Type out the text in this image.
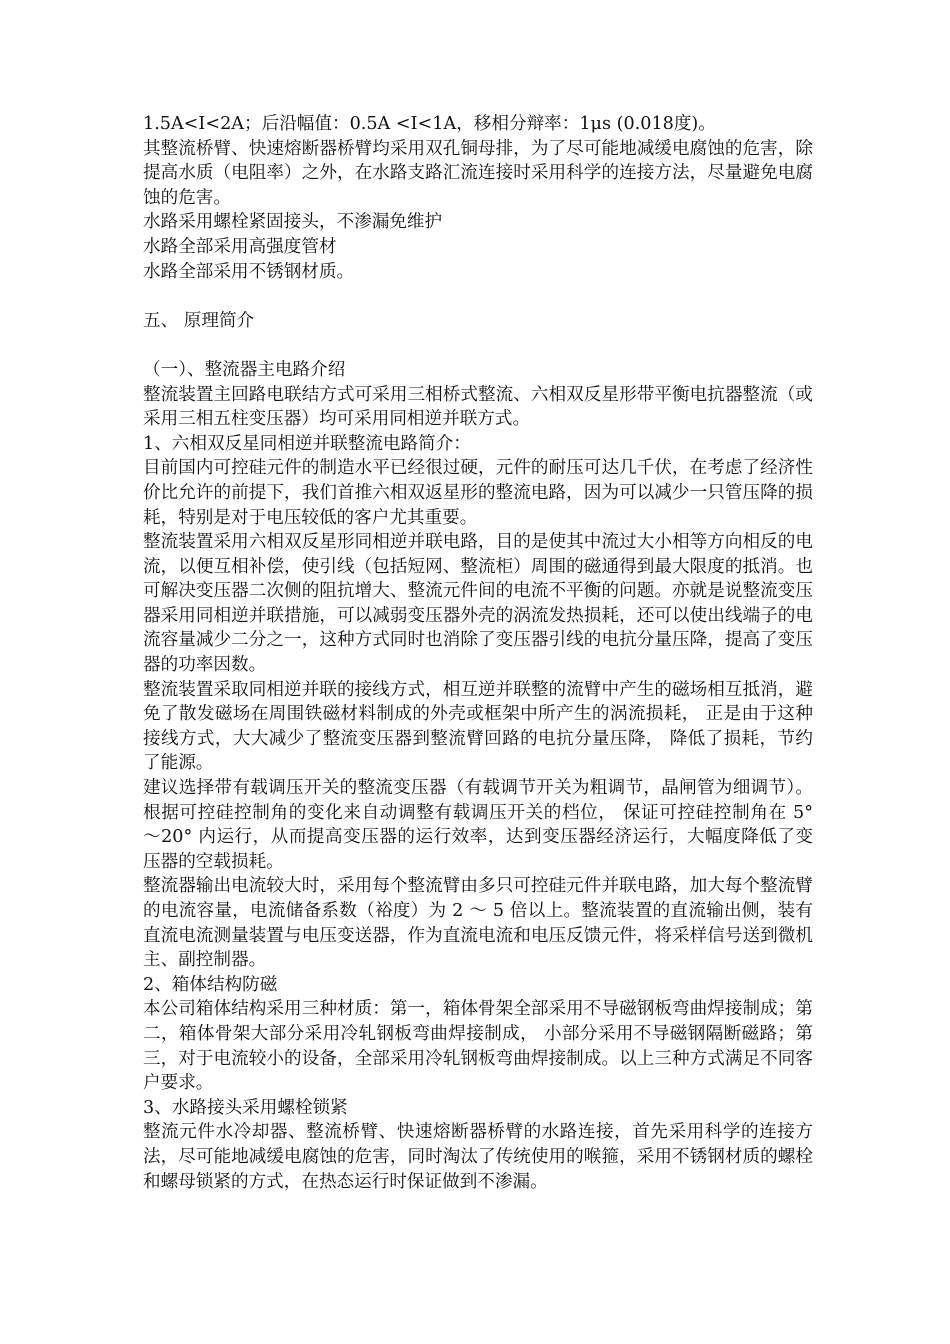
1.5A<I<2A；后沿幅值：0.5A <I<1A，移相分辩率：1μs (0.018度)。

其整流桥臂、快速熔断器桥臂均采用双孔铜母排，为了尽可能地减缓电腐蚀的危害，除提高水质（电阻率）之外，在水路支路汇流连接时采用科学的连接方法，尽量避免电腐蚀的危害。

水路采用螺栓紧固接头，不渗漏免维护

水路全部采用高强度管材

水路全部采用不锈钢材质。

五、 原理简介

（一）、整流器主电路介绍

整流装置主回路电联结方式可采用三相桥式整流、六相双反星形带平衡电抗器整流（或采用三相五柱变压器）均可采用同相逆并联方式。

1、六相双反星同相逆并联整流电路简介：

目前国内可控硅元件的制造水平已经很过硬，元件的耐压可达几千伏，在考虑了经济性价比允许的前提下，我们首推六相双返星形的整流电路，因为可以减少一只管压降的损耗，特别是对于电压较低的客户尤其重要。

整流装置采用六相双反星形同相逆并联电路，目的是使其中流过大小相等方向相反的电流，以便互相补偿，使引线（包括短网、整流柜）周围的磁通得到最大限度的抵消。也可解决变压器二次侧的阻抗增大、整流元件间的电流不平衡的问题。亦就是说整流变压器采用同相逆并联措施，可以减弱变压器外壳的涡流发热损耗，还可以使出线端子的电流容量减少二分之一，这种方式同时也消除了变压器引线的电抗分量压降，提高了变压器的功率因数。

整流装置采取同相逆并联的接线方式，相互逆并联整的流臂中产生的磁场相互抵消，避免了散发磁场在周围铁磁材料制成的外壳或框架中所产生的涡流损耗， 正是由于这种接线方式，大大减少了整流变压器到整流臂回路的电抗分量压降， 降低了损耗，节约了能源。

建议选择带有载调压开关的整流变压器（有载调节开关为粗调节，晶闸管为细调节）。根据可控硅控制角的变化来自动调整有载调压开关的档位， 保证可控硅控制角在 5° ～20° 内运行，从而提高变压器的运行效率，达到变压器经济运行，大幅度降低了变压器的空载损耗。

整流器输出电流较大时，采用每个整流臂由多只可控硅元件并联电路，加大每个整流臂的电流容量，电流储备系数（裕度）为 2 ～ 5 倍以上。整流装置的直流输出侧，装有直流电流测量装置与电压变送器，作为直流电流和电压反馈元件，将采样信号送到微机主、副控制器。

2、箱体结构防磁

本公司箱体结构采用三种材质：第一，箱体骨架全部采用不导磁钢板弯曲焊接制成；第二，箱体骨架大部分采用冷轧钢板弯曲焊接制成， 小部分采用不导磁钢隔断磁路；第三，对于电流较小的设备，全部采用冷轧钢板弯曲焊接制成。以上三种方式满足不同客户要求。

3、水路接头采用螺栓锁紧

整流元件水冷却器、整流桥臂、快速熔断器桥臂的水路连接，首先采用科学的连接方法，尽可能地减缓电腐蚀的危害，同时淘汰了传统使用的喉箍，采用不锈钢材质的螺栓和螺母锁紧的方式，在热态运行时保证做到不渗漏。
